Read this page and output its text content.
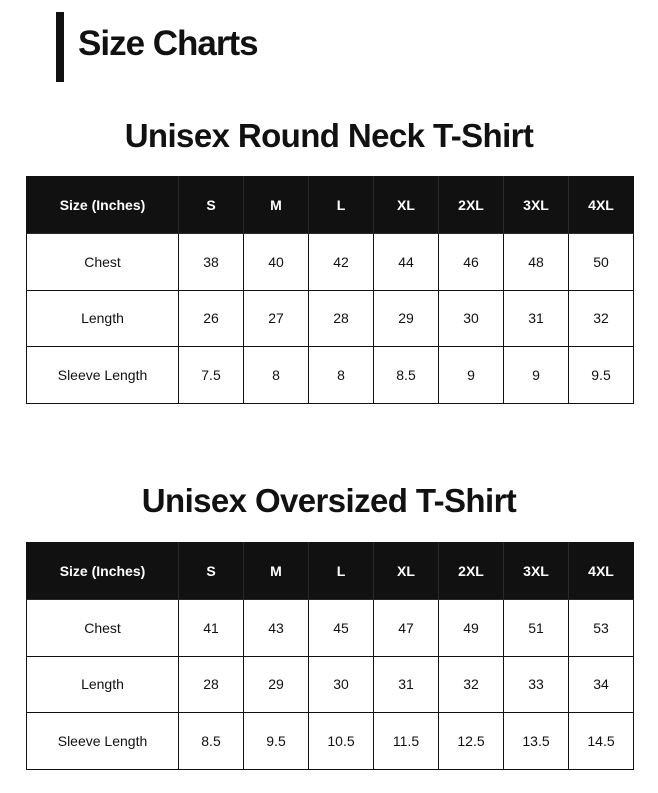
Size Charts
Unisex Round Neck T-Shirt
Size (Inches)	S	M	L	XL	2XL	3XL	4XL
Chest	38	40	42	44	46	48	50
Length	26	27	28	29	30	31	32
Sleeve Length	7.5	8	8	8.5	9	9	9.5
Unisex Oversized T-Shirt
Size (Inches)	S	M	L	XL	2XL	3XL	4XL
Chest	41	43	45	47	49	51	53
Length	28	29	30	31	32	33	34
Sleeve Length	8.5	9.5	10.5	11.5	12.5	13.5	14.5
